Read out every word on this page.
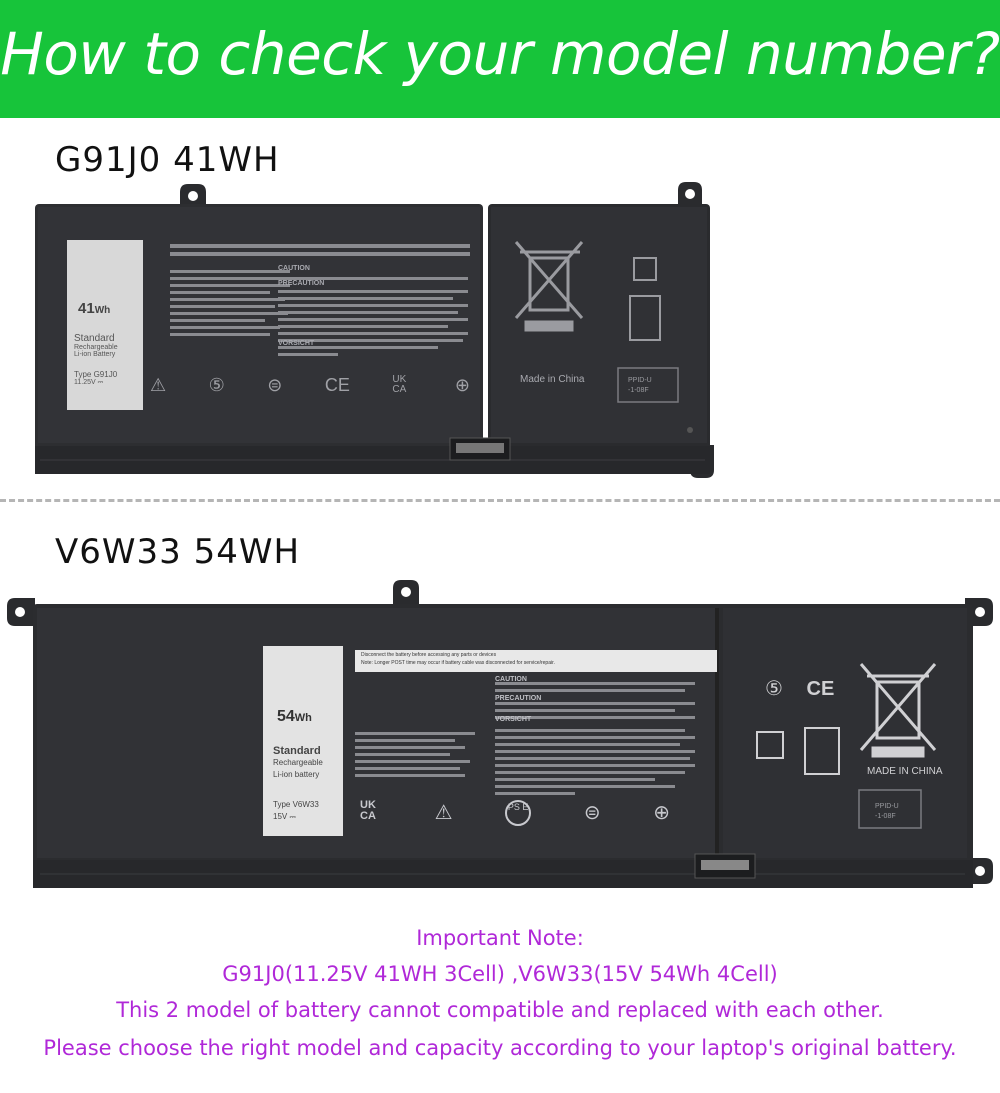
How to check your model number?
G91J0 41WH
41Wh
Standard
Rechargeable
Li-ion Battery
Type G91J0
11.25V ⎓
CAUTION
PRECAUTION
VORSICHT
⚠ ⑤ ⊜ CE	UK CA	⊕	Made in China	PPID-U
-1-08F
V6W33 54WH
54Wh
Standard
Rechargeable
Li-ion battery
Type V6W33
15V ⎓
Disconnect the battery before accessing any parts or devices
Note: Longer POST time may occur if battery cable was disconnected for service/repair.
CAUTION
PRECAUTION
VORSICHT
UK CA	⚠	PS E	⊜	⊕
⑤ CE
MADE IN CHINA
PPID-U
-1-08F
Important Note:
G91J0(11.25V 41WH 3Cell) ,V6W33(15V 54Wh 4Cell)
This 2 model of battery cannot compatible and replaced with each other.
Please choose the right model and capacity according to your laptop's original battery.
